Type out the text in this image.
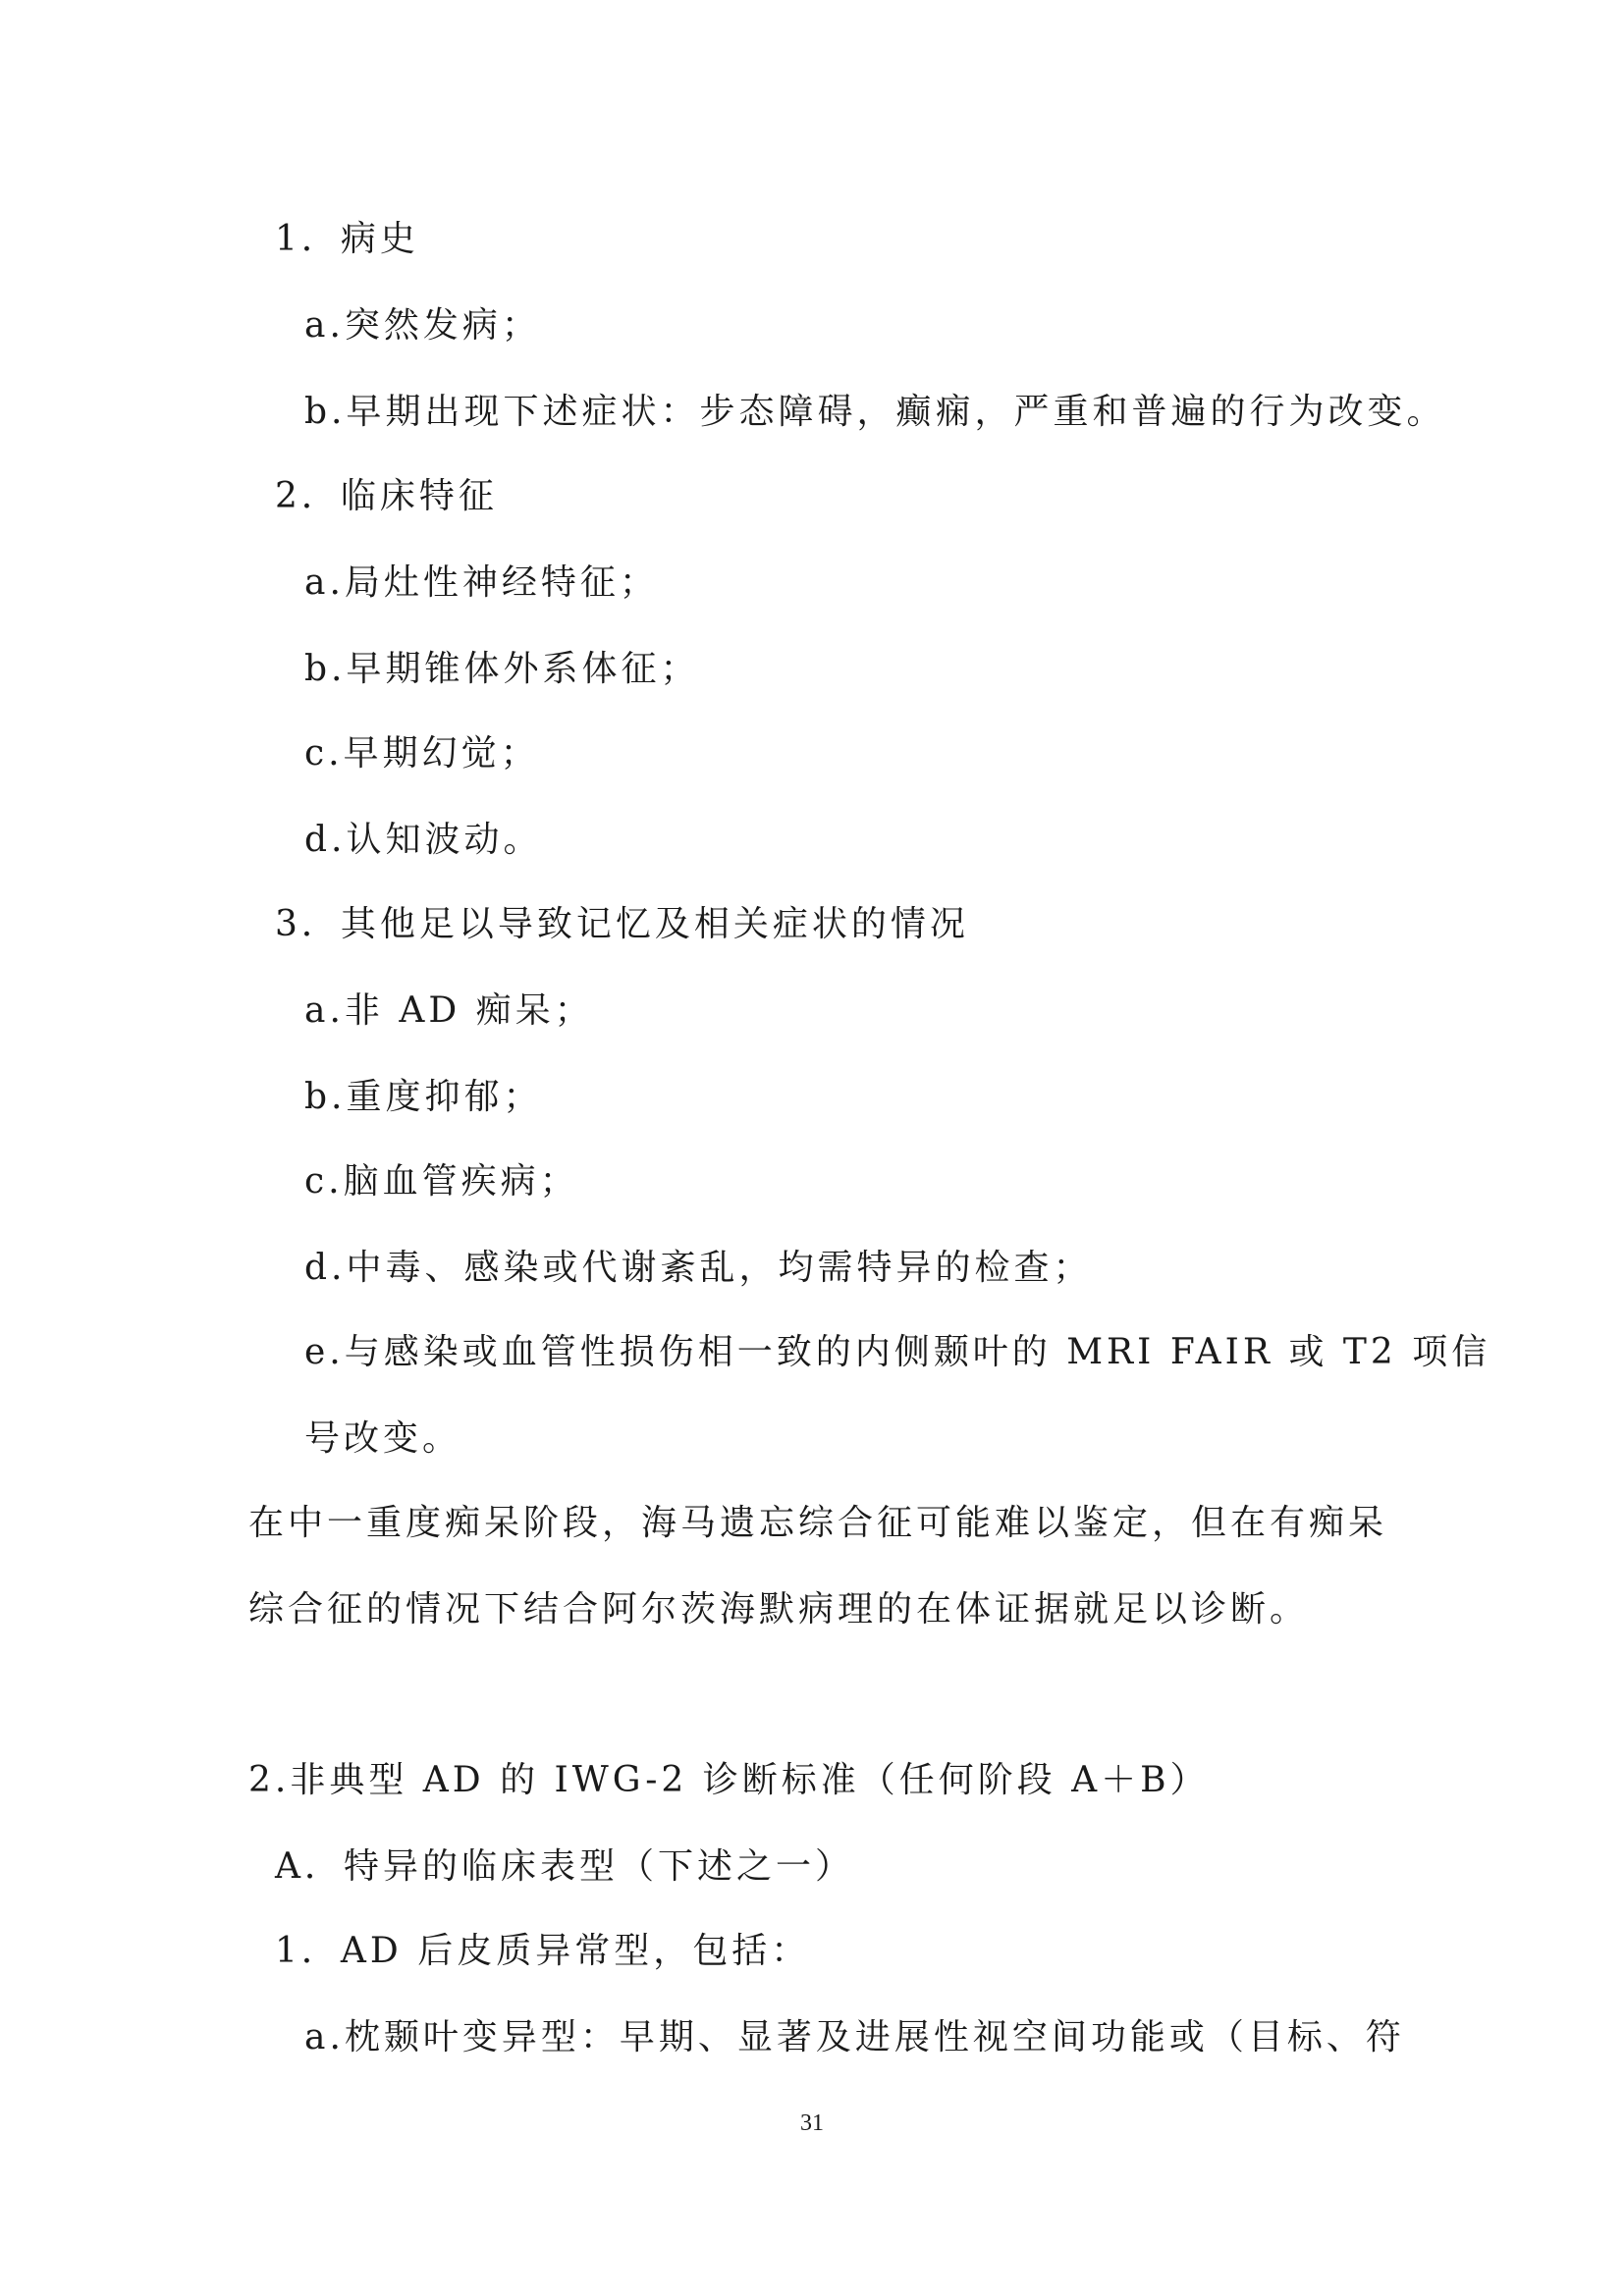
1．病史
a.突然发病；
b.早期出现下述症状：步态障碍，癫痫，严重和普遍的行为改变。
2．临床特征
a.局灶性神经特征；
b.早期锥体外系体征；
c.早期幻觉；
d.认知波动。
3．其他足以导致记忆及相关症状的情况
a.非 AD 痴呆；
b.重度抑郁；
c.脑血管疾病；
d.中毒、感染或代谢紊乱，均需特异的检查；
e.与感染或血管性损伤相一致的内侧颞叶的 MRI FAIR 或 T2 项信
号改变。
在中一重度痴呆阶段，海马遗忘综合征可能难以鉴定，但在有痴呆
综合征的情况下结合阿尔茨海默病理的在体证据就足以诊断。
2.非典型 AD 的 IWG-2 诊断标准（任何阶段 A＋B）
A．特异的临床表型（下述之一）
1．AD 后皮质异常型，包括：
a.枕颞叶变异型：早期、显著及进展性视空间功能或（目标、符
31
